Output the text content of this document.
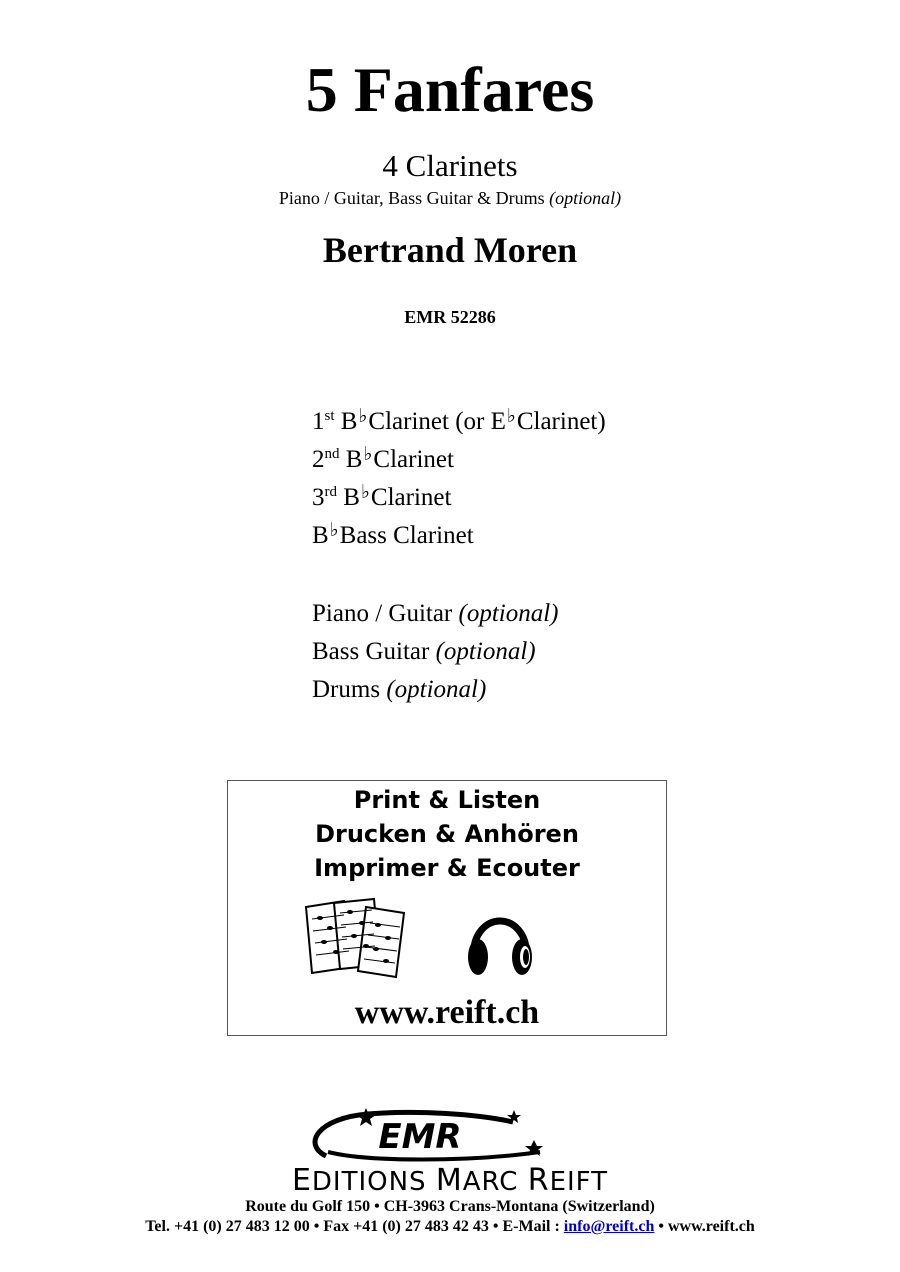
5 Fanfares
4 Clarinets
Piano / Guitar, Bass Guitar & Drums (optional)
Bertrand Moren
EMR 52286
1st B♭Clarinet (or E♭Clarinet)
2nd B♭Clarinet
3rd B♭Clarinet
B♭Bass Clarinet
Piano / Guitar (optional)
Bass Guitar (optional)
Drums (optional)
Print & Listen
Drucken & Anhören
Imprimer & Ecouter
www.reift.ch
EMR
EDITIONS MARC REIFT
Route du Golf 150 • CH-3963 Crans-Montana (Switzerland)
Tel. +41 (0) 27 483 12 00 • Fax +41 (0) 27 483 42 43 • E-Mail : info@reift.ch • www.reift.ch
